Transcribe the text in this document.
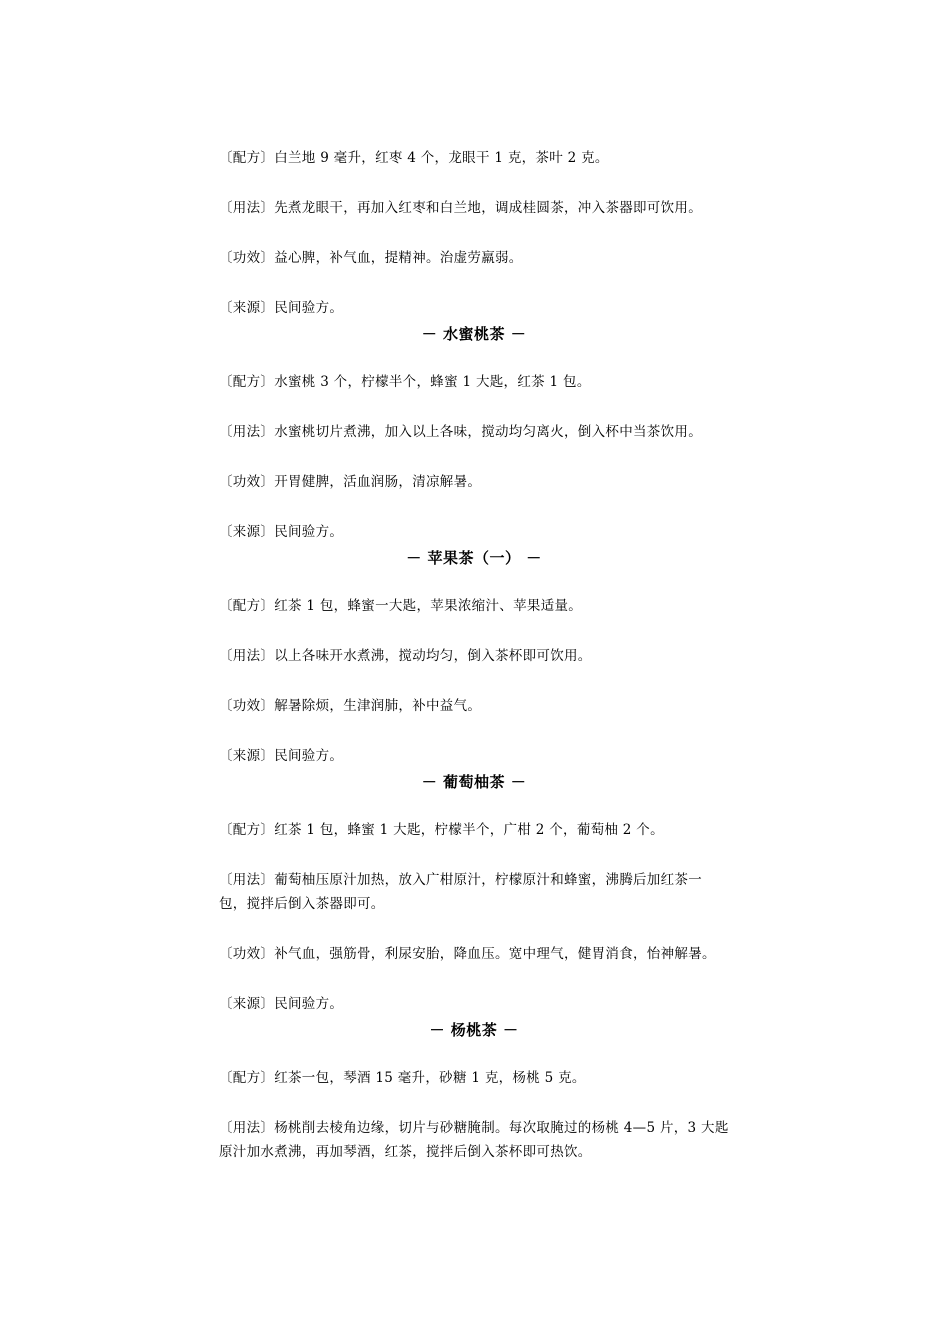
〔配方〕白兰地 9 毫升，红枣 4 个，龙眼干 1 克，茶叶 2 克。

〔用法〕先煮龙眼干，再加入红枣和白兰地，调成桂圆茶，冲入茶器即可饮用。

〔功效〕益心脾，补气血，提精神。治虚劳羸弱。

〔来源〕民间验方。

－ 水蜜桃茶 －

〔配方〕水蜜桃 3 个，柠檬半个，蜂蜜 1 大匙，红茶 1 包。

〔用法〕水蜜桃切片煮沸，加入以上各味，搅动均匀离火，倒入杯中当茶饮用。

〔功效〕开胃健脾，活血润肠，清凉解暑。

〔来源〕民间验方。

－ 苹果茶（一） －

〔配方〕红茶 1 包，蜂蜜一大匙，苹果浓缩汁、苹果适量。

〔用法〕以上各味开水煮沸，搅动均匀，倒入茶杯即可饮用。

〔功效〕解暑除烦，生津润肺，补中益气。

〔来源〕民间验方。

－ 葡萄柚茶 －

〔配方〕红茶 1 包，蜂蜜 1 大匙，柠檬半个，广柑 2 个，葡萄柚 2 个。

〔用法〕葡萄柚压原汁加热，放入广柑原汁，柠檬原汁和蜂蜜，沸腾后加红茶一包，搅拌后倒入茶器即可。

〔功效〕补气血，强筋骨，利尿安胎，降血压。宽中理气，健胃消食，怡神解暑。

〔来源〕民间验方。

－ 杨桃茶 －

〔配方〕红茶一包，琴酒 15 毫升，砂糖 1 克，杨桃 5 克。

〔用法〕杨桃削去棱角边缘，切片与砂糖腌制。每次取腌过的杨桃 4—5 片，3 大匙原汁加水煮沸，再加琴酒，红茶，搅拌后倒入茶杯即可热饮。
